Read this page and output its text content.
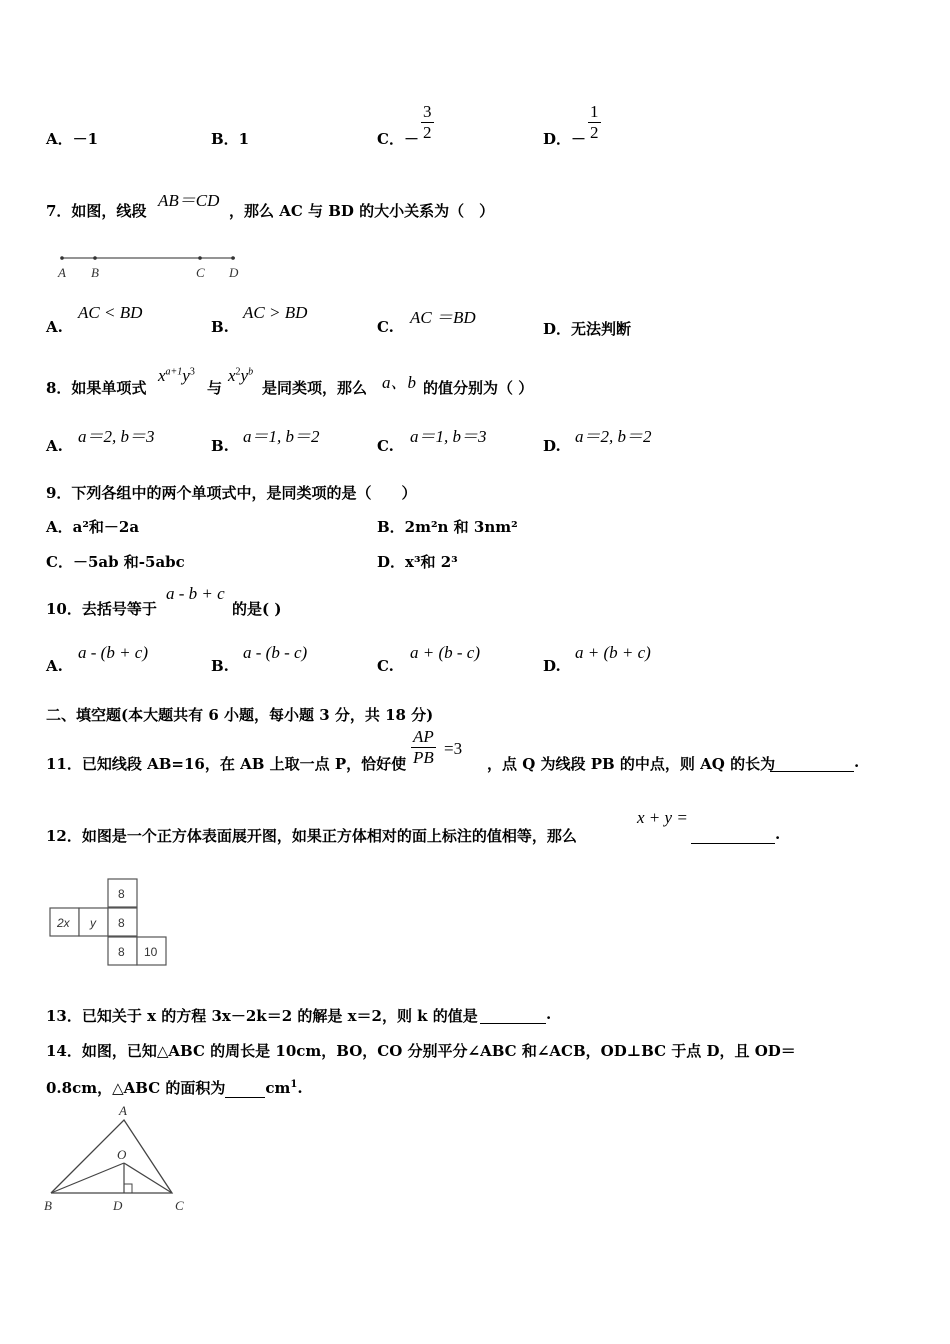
A．－1	B．1	C．－ $\frac{3}{2}$	D．－ $\frac{1}{2}$
7．如图，线段
AB＝CD
，那么 AC 与 BD 的大小关系为（　）
A B	C D
A.
AC < BD
B.
AC > BD
C. AC ＝BD
D．无法判断
8．如果单项式
$x^{a+1}y^3$
与
$x^2y^b$
是同类项，那么 a、b 的值分别为（ ）
A. a＝2, b＝3	B. a＝1, b＝2	C. a＝1, b＝3	D. a＝2, b＝2
9．下列各组中的两个单项式中，是同类项的是（　　）
A．a²和－2a	B．2m²n 和 3nm²
C．－5ab 和-5abc	D．x³和 2³
10．去括号等于
a - b + c
的是( )
A.
a - (b + c)
B.
a - (b - c)
C.
a + (b - c)
D.
a + (b + c)
二、填空题(本大题共有 6 小题，每小题 3 分，共 18 分)
11．已知线段 AB=16，在 AB 上取一点 P，恰好使 $\frac{AP}{PB} =3$
，点 Q 为线段 PB 的中点，则 AQ 的长为	.
12．如图是一个正方体表面展开图，如果正方体相对的面上标注的值相等，那么
x + y =
.
8
2x y 8
8 10
13．已知关于 x 的方程 3x－2k＝2 的解是 x＝2，则 k 的值是	.
14．如图，已知△ABC 的周长是 10cm，BO，CO 分别平分∠ABC 和∠ACB，OD⊥BC 于点 D，且 OD＝
0.8cm，△ABC 的面积为	$cm^1$.
A
O
B	D	C
